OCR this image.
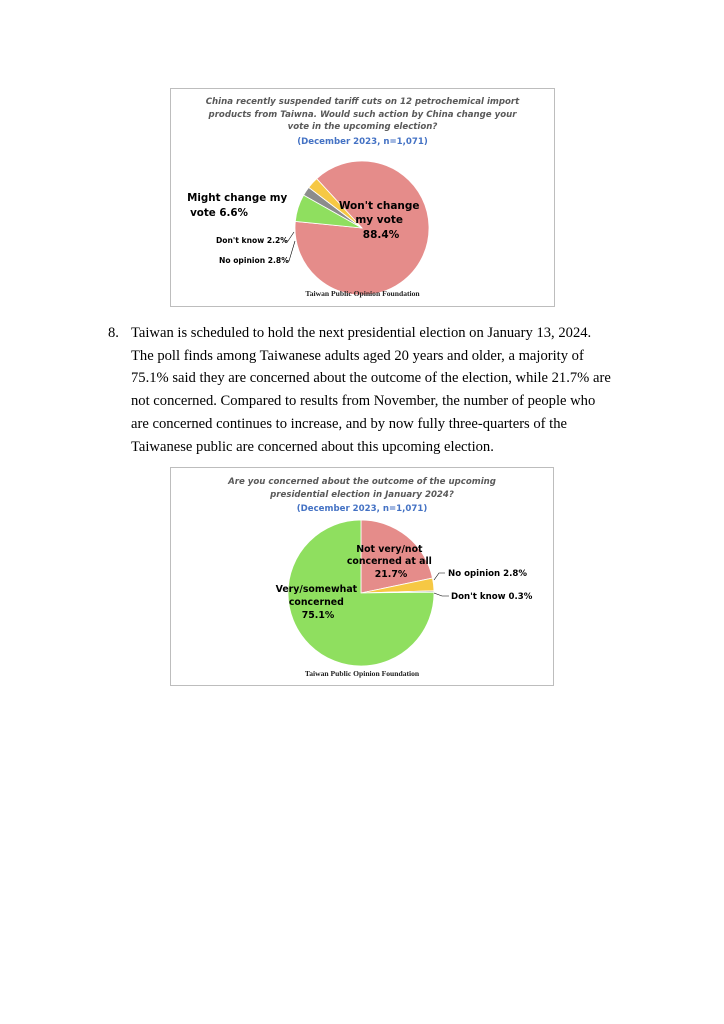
China recently suspended tariff cuts on 12 petrochemical import
products from Taiwna. Would such action by China change your
vote in the upcoming election?
(December 2023, n=1,071)
Won't change my vote 88.4%
Might change my vote 6.6%
Don't know 2.2%
No opinion 2.8%
Taiwan Public Opinion Foundation
8. Taiwan is scheduled to hold the next presidential election on January 13, 2024.
The poll finds among Taiwanese adults aged 20 years and older, a majority of
75.1% said they are concerned about the outcome of the election, while 21.7% are
not concerned. Compared to results from November, the number of people who
are concerned continues to increase, and by now fully three-quarters of the
Taiwanese public are concerned about this upcoming election.
Are you concerned about the outcome of the upcoming
presidential election in January 2024?
(December 2023, n=1,071)
Not very/not concerned at all 21.7%
Very/somewhat concerned 75.1%
No opinion 2.8%
Don't know 0.3%
Taiwan Public Opinion Foundation
